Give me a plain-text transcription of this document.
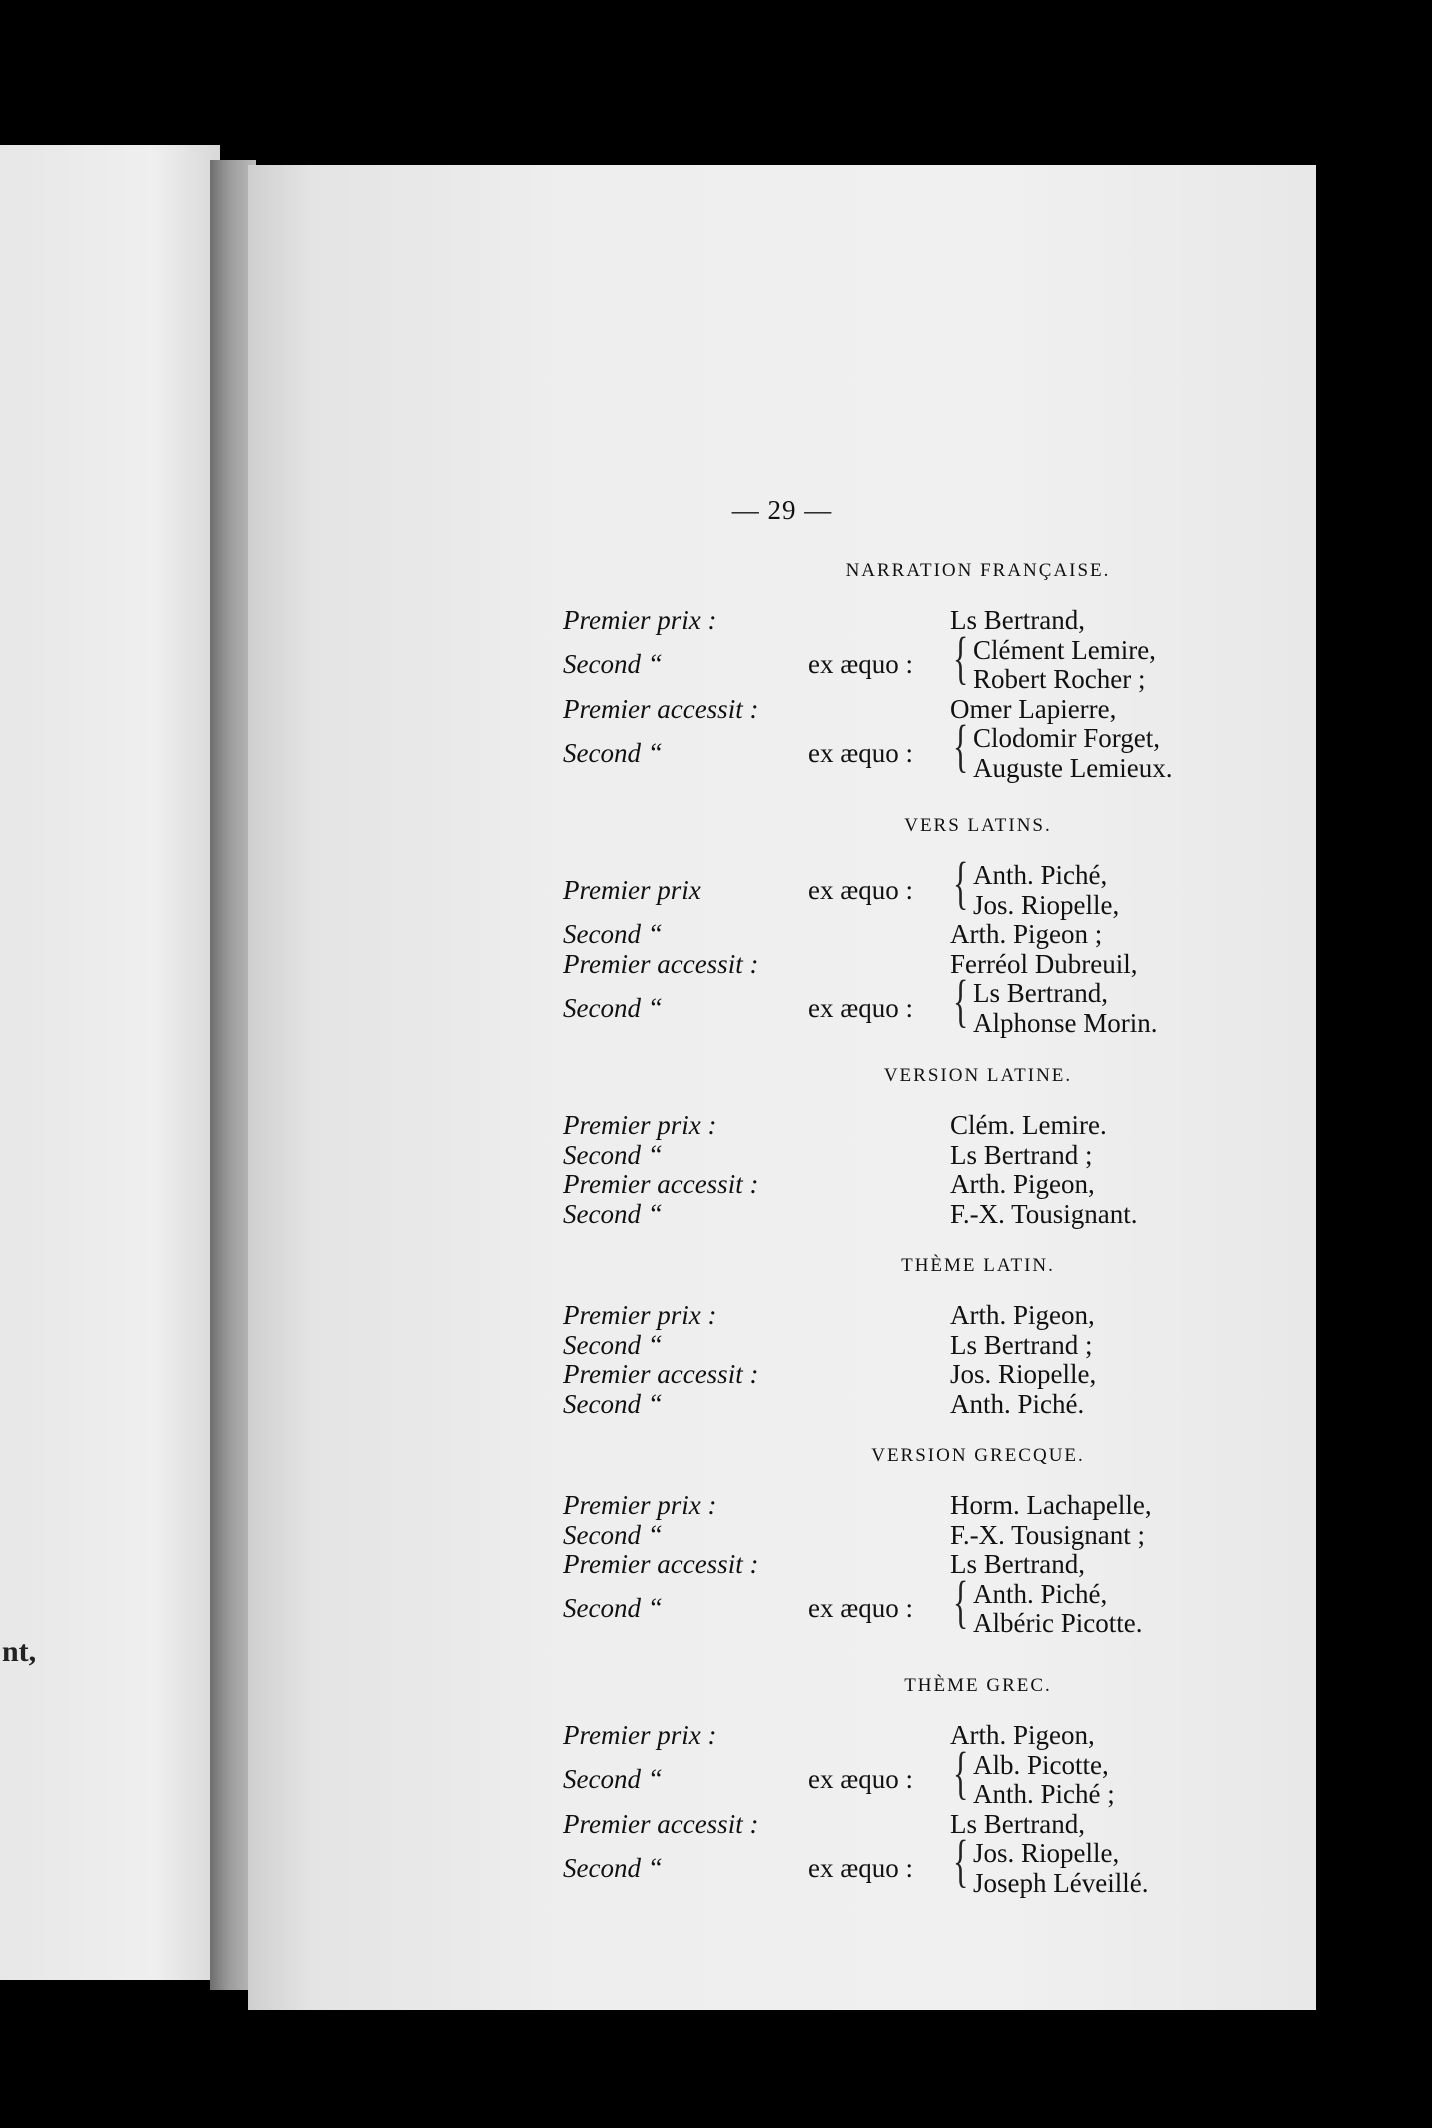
nt,
— 29 —
NARRATION FRANÇAISE.
Premier prix :	Ls Bertrand,
Second “	ex æquo : { Clément Lemire,
Robert Rocher ;
Premier accessit :	Omer Lapierre,
Second “	ex æquo : { Clodomir Forget,
Auguste Lemieux.
VERS LATINS.
Premier prix	ex æquo : { Anth. Piché,
Jos. Riopelle,
Second “	Arth. Pigeon ;
Premier accessit :	Ferréol Dubreuil,
Second “	ex æquo : { Ls Bertrand,
Alphonse Morin.
VERSION LATINE.
Premier prix :	Clém. Lemire.
Second “	Ls Bertrand ;
Premier accessit :	Arth. Pigeon,
Second “	F.-X. Tousignant.
THÈME LATIN.
Premier prix :	Arth. Pigeon,
Second “	Ls Bertrand ;
Premier accessit :	Jos. Riopelle,
Second “	Anth. Piché.
VERSION GRECQUE.
Premier prix :	Horm. Lachapelle,
Second “	F.-X. Tousignant ;
Premier accessit :	Ls Bertrand,
Second “	ex æquo : { Anth. Piché,
Albéric Picotte.
THÈME GREC.
Premier prix :	Arth. Pigeon,
Second “	ex æquo : { Alb. Picotte,
Anth. Piché ;
Premier accessit :	Ls Bertrand,
Second “	ex æquo : { Jos. Riopelle,
Joseph Léveillé.
